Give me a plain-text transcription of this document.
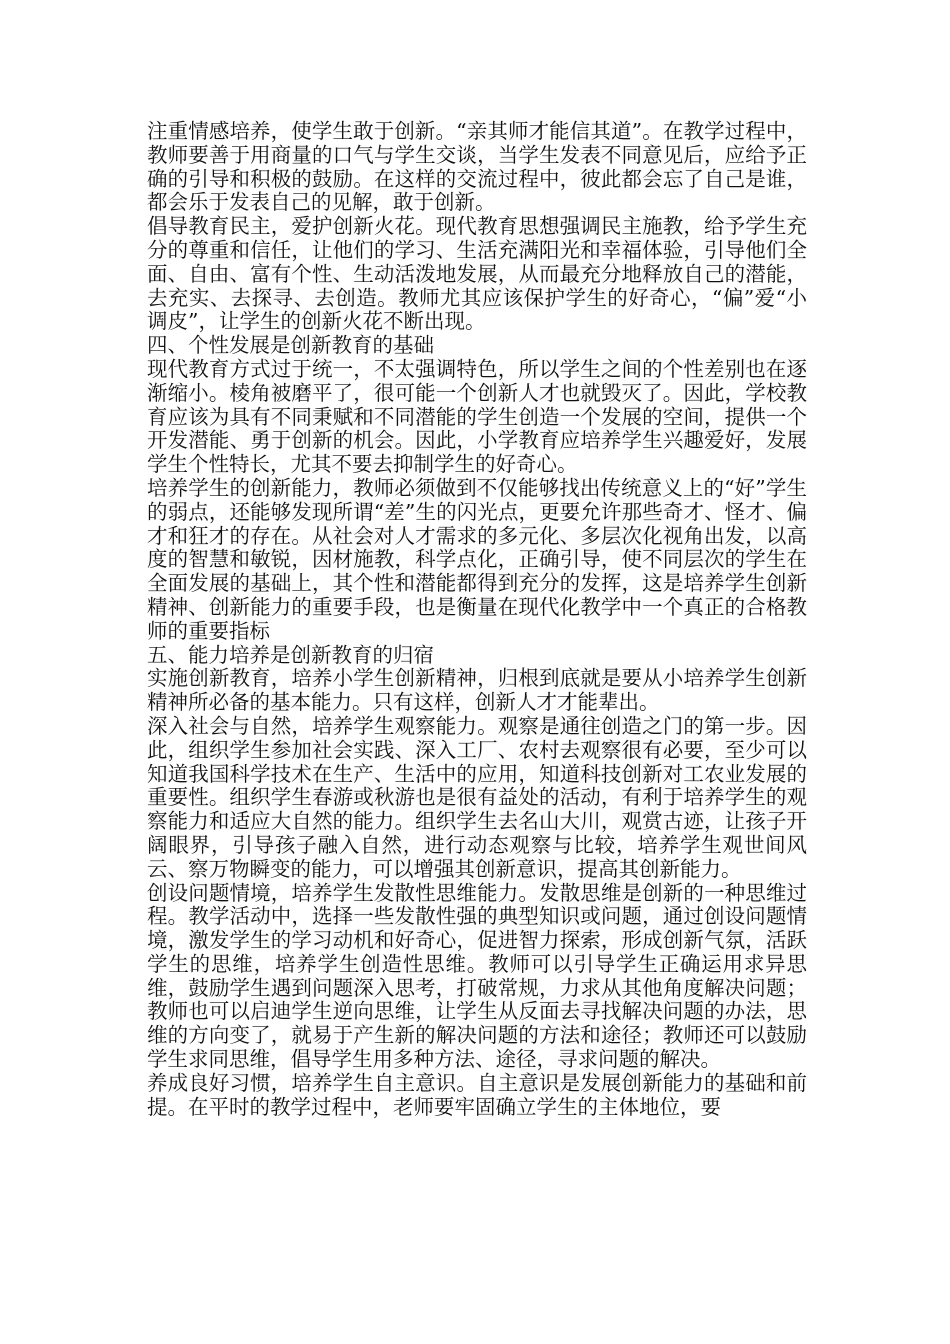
注重情感培养，使学生敢于创新。“亲其师才能信其道”。在教学过程中，教师要善于用商量的口气与学生交谈，当学生发表不同意见后，应给予正确的引导和积极的鼓励。在这样的交流过程中，彼此都会忘了自己是谁，都会乐于发表自己的见解，敢于创新。

倡导教育民主，爱护创新火花。现代教育思想强调民主施教，给予学生充分的尊重和信任，让他们的学习、生活充满阳光和幸福体验，引导他们全面、自由、富有个性、生动活泼地发展，从而最充分地释放自己的潜能，去充实、去探寻、去创造。教师尤其应该保护学生的好奇心，“偏”爱“小调皮”，让学生的创新火花不断出现。

四、个性发展是创新教育的基础

现代教育方式过于统一，不太强调特色，所以学生之间的个性差别也在逐渐缩小。棱角被磨平了，很可能一个创新人才也就毁灭了。因此，学校教育应该为具有不同秉赋和不同潜能的学生创造一个发展的空间，提供一个开发潜能、勇于创新的机会。因此，小学教育应培养学生兴趣爱好，发展学生个性特长，尤其不要去抑制学生的好奇心。

培养学生的创新能力，教师必须做到不仅能够找出传统意义上的“好”学生的弱点，还能够发现所谓“差”生的闪光点，更要允许那些奇才、怪才、偏才和狂才的存在。从社会对人才需求的多元化、多层次化视角出发，以高度的智慧和敏锐，因材施教，科学点化，正确引导，使不同层次的学生在全面发展的基础上，其个性和潜能都得到充分的发挥，这是培养学生创新精神、创新能力的重要手段，也是衡量在现代化教学中一个真正的合格教师的重要指标

五、能力培养是创新教育的归宿

实施创新教育，培养小学生创新精神，归根到底就是要从小培养学生创新精神所必备的基本能力。只有这样，创新人才才能辈出。

深入社会与自然，培养学生观察能力。观察是通往创造之门的第一步。因此，组织学生参加社会实践、深入工厂、农村去观察很有必要，至少可以知道我国科学技术在生产、生活中的应用，知道科技创新对工农业发展的重要性。组织学生春游或秋游也是很有益处的活动，有利于培养学生的观察能力和适应大自然的能力。组织学生去名山大川，观赏古迹，让孩子开阔眼界，引导孩子融入自然，进行动态观察与比较，培养学生观世间风云、察万物瞬变的能力，可以增强其创新意识，提高其创新能力。

创设问题情境，培养学生发散性思维能力。发散思维是创新的一种思维过程。教学活动中，选择一些发散性强的典型知识或问题，通过创设问题情境，激发学生的学习动机和好奇心，促进智力探索，形成创新气氛，活跃学生的思维，培养学生创造性思维。教师可以引导学生正确运用求异思维，鼓励学生遇到问题深入思考，打破常规，力求从其他角度解决问题；教师也可以启迪学生逆向思维，让学生从反面去寻找解决问题的办法，思维的方向变了，就易于产生新的解决问题的方法和途径；教师还可以鼓励学生求同思维，倡导学生用多种方法、途径，寻求问题的解决。

养成良好习惯，培养学生自主意识。自主意识是发展创新能力的基础和前提。在平时的教学过程中，老师要牢固确立学生的主体地位，要
